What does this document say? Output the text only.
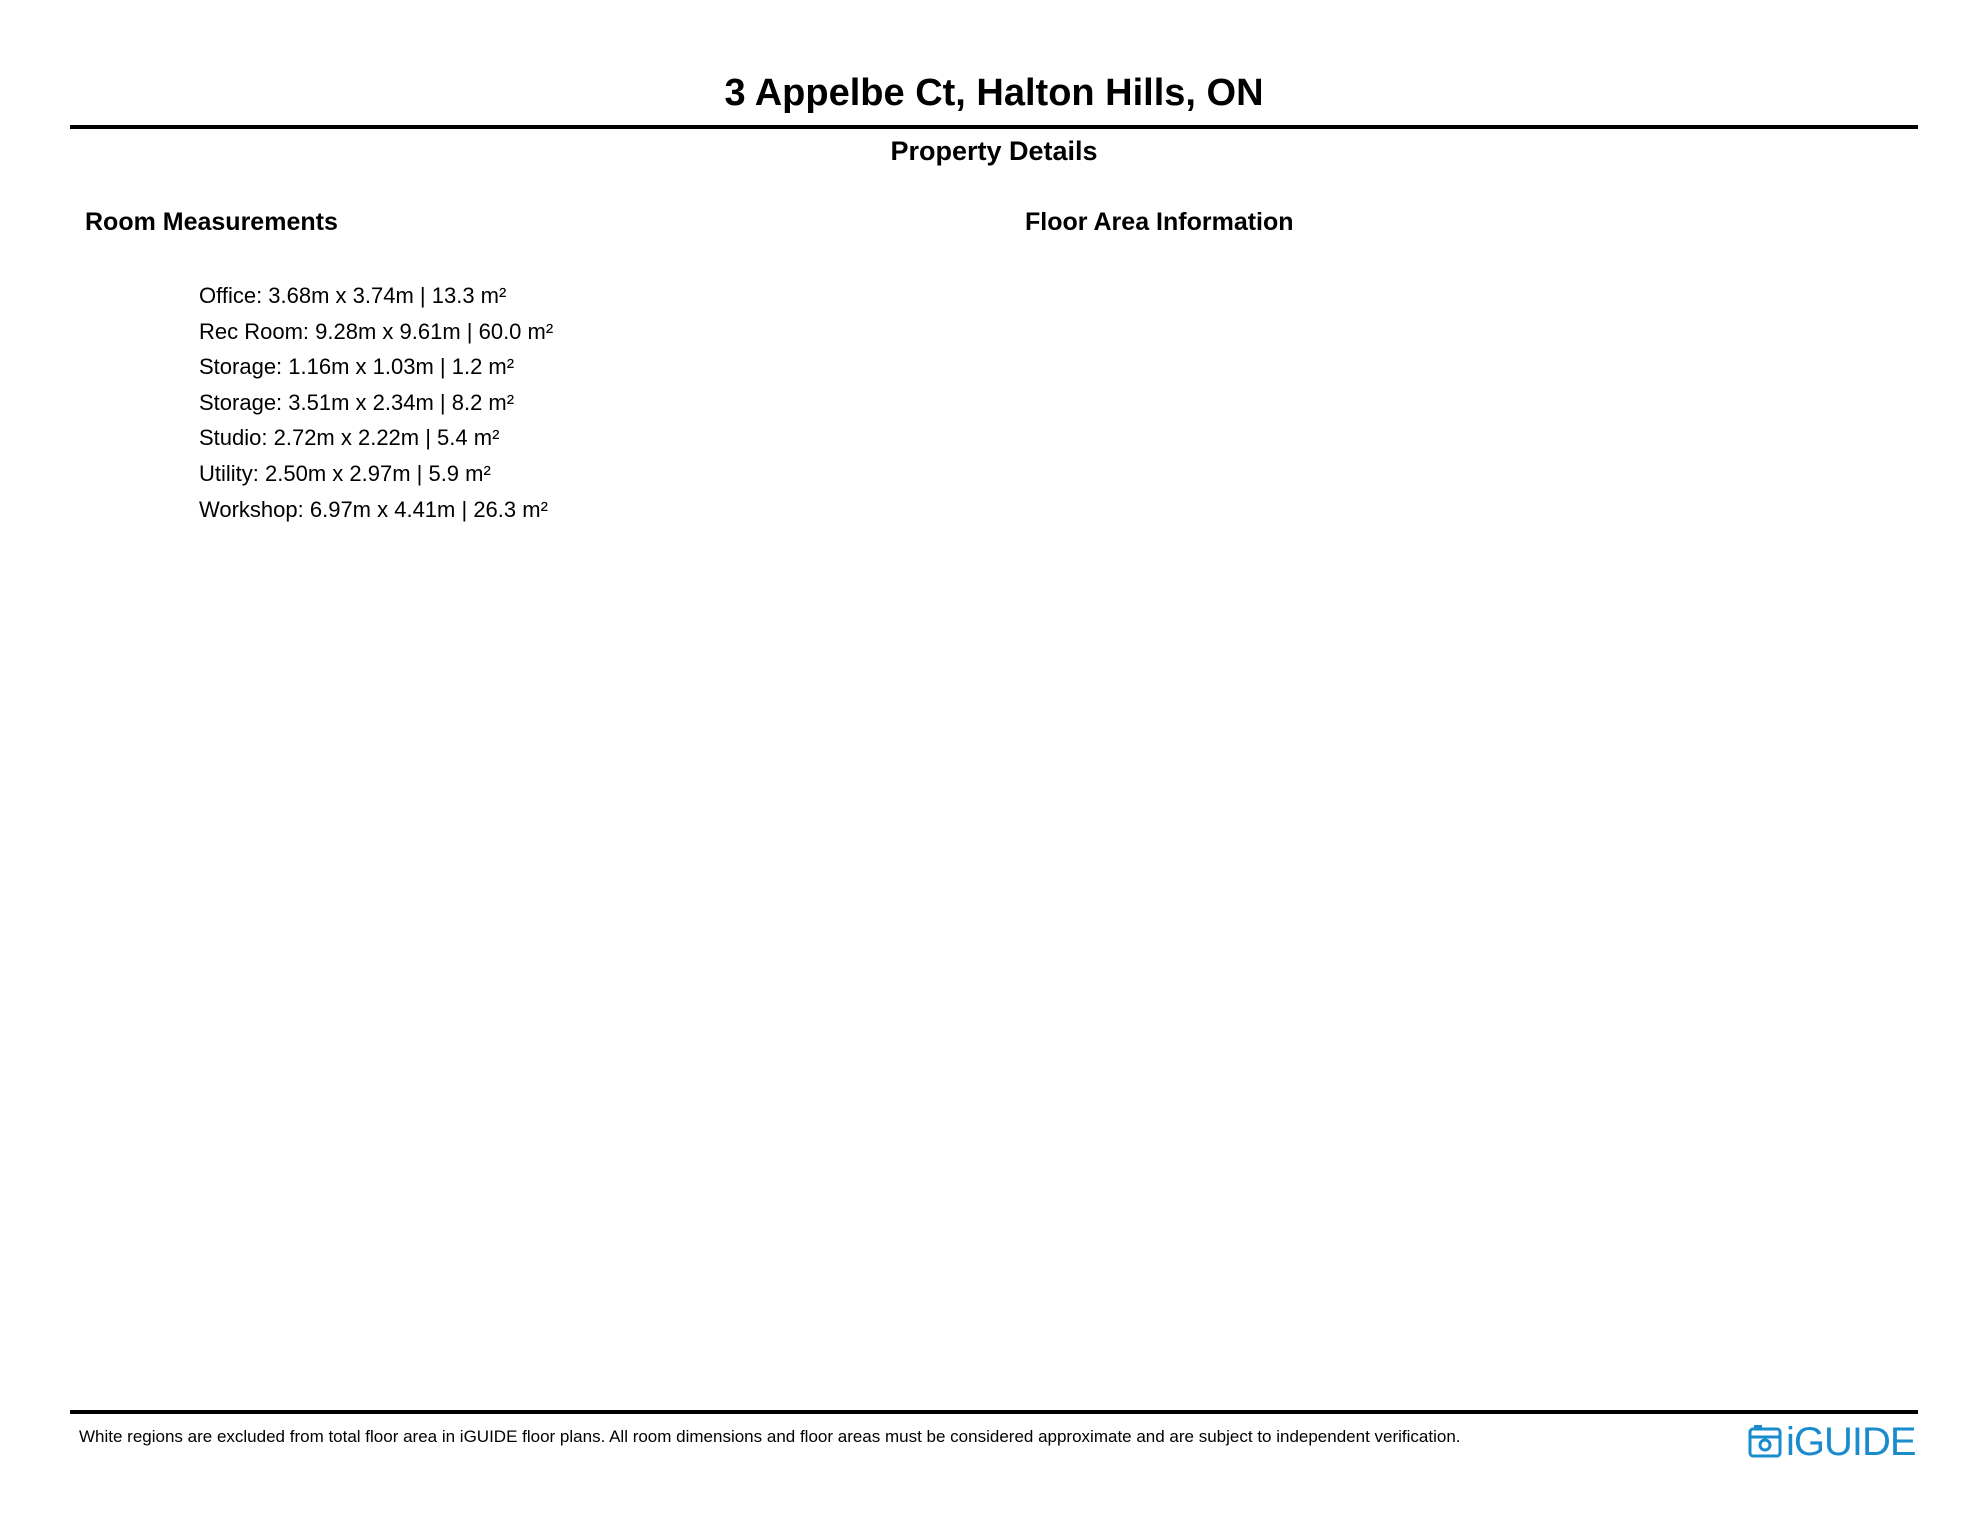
3 Appelbe Ct, Halton Hills, ON
Property Details
Room Measurements	Floor Area Information
Office: 3.68m x 3.74m | 13.3 m²
Rec Room: 9.28m x 9.61m | 60.0 m²
Storage: 1.16m x 1.03m | 1.2 m²
Storage: 3.51m x 2.34m | 8.2 m²
Studio: 2.72m x 2.22m | 5.4 m²
Utility: 2.50m x 2.97m | 5.9 m²
Workshop: 6.97m x 4.41m | 26.3 m²
White regions are excluded from total floor area in iGUIDE floor plans. All room dimensions and floor areas must be considered approximate and are subject to independent verification.	iGUIDE
